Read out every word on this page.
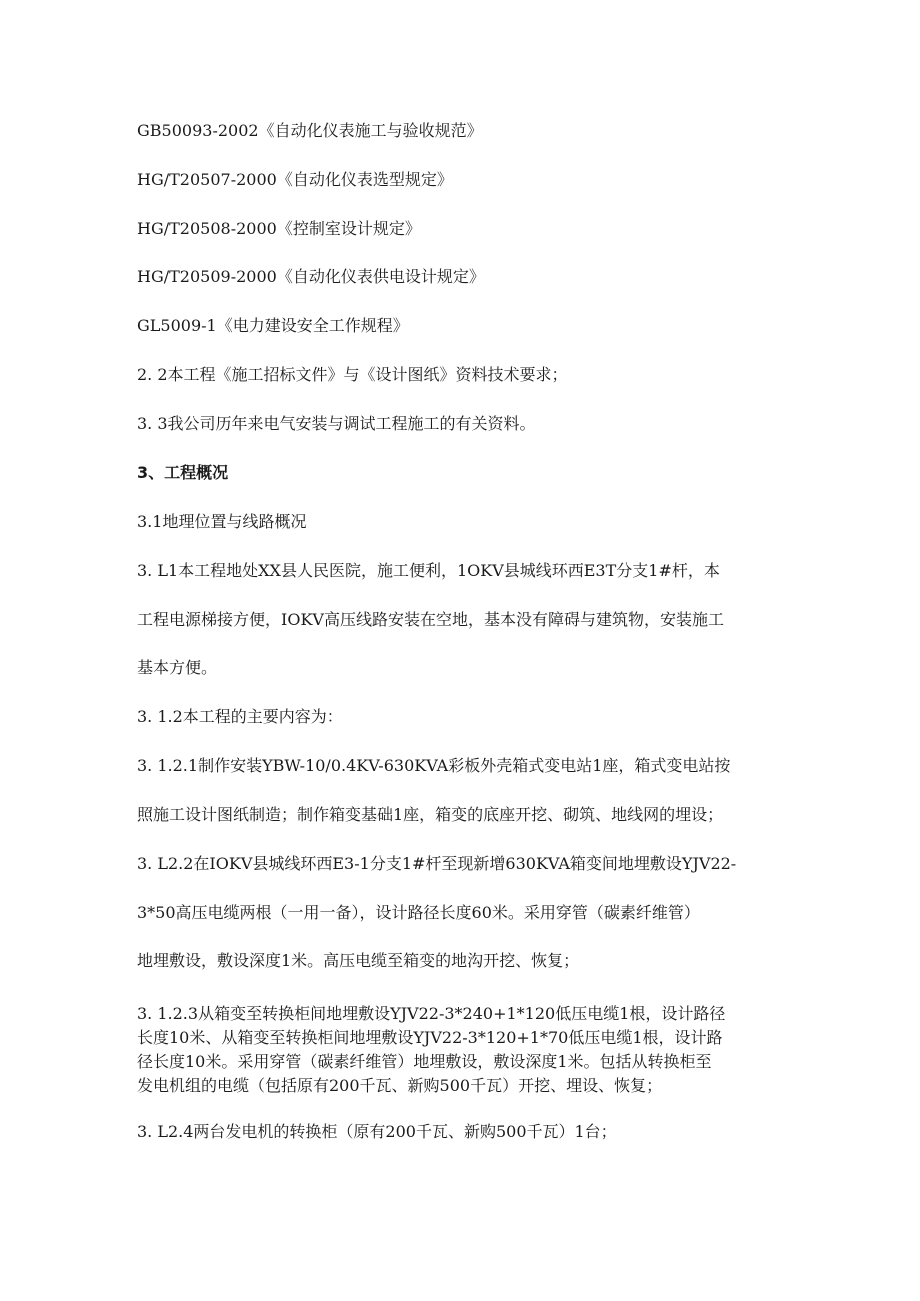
GB50093-2002《自动化仪表施工与验收规范》
HG/T20507-2000《自动化仪表选型规定》
HG/T20508-2000《控制室设计规定》
HG/T20509-2000《自动化仪表供电设计规定》
GL5009-1《电力建设安全工作规程》
2. 2本工程《施工招标文件》与《设计图纸》资料技术要求；
3. 3我公司历年来电气安装与调试工程施工的有关资料。
3、工程概况
3.1地理位置与线路概况
3. L1本工程地处XX县人民医院，施工便利，1OKV县城线环西E3T分支1#杆，本
工程电源梯接方便，IOKV高压线路安装在空地，基本没有障碍与建筑物，安装施工
基本方便。
3. 1.2本工程的主要内容为：
3. 1.2.1制作安装YBW-10/0.4KV-630KVA彩板外壳箱式变电站1座，箱式变电站按
照施工设计图纸制造；制作箱变基础1座，箱变的底座开挖、砌筑、地线网的埋设；
3. L2.2在IOKV县城线环西E3-1分支1#杆至现新增630KVA箱变间地埋敷设YJV22-
3*50高压电缆两根（一用一备），设计路径长度60米。采用穿管（碳素纤维管）
地埋敷设，敷设深度1米。高压电缆至箱变的地沟开挖、恢复；
3. 1.2.3从箱变至转换柜间地埋敷设YJV22-3*240+1*120低压电缆1根，设计路径
长度10米、从箱变至转换柜间地埋敷设YJV22-3*120+1*70低压电缆1根，设计路
径长度10米。采用穿管（碳素纤维管）地埋敷设，敷设深度1米。包括从转换柜至
发电机组的电缆（包括原有200千瓦、新购500千瓦）开挖、埋设、恢复；
3. L2.4两台发电机的转换柜（原有200千瓦、新购500千瓦）1台；
